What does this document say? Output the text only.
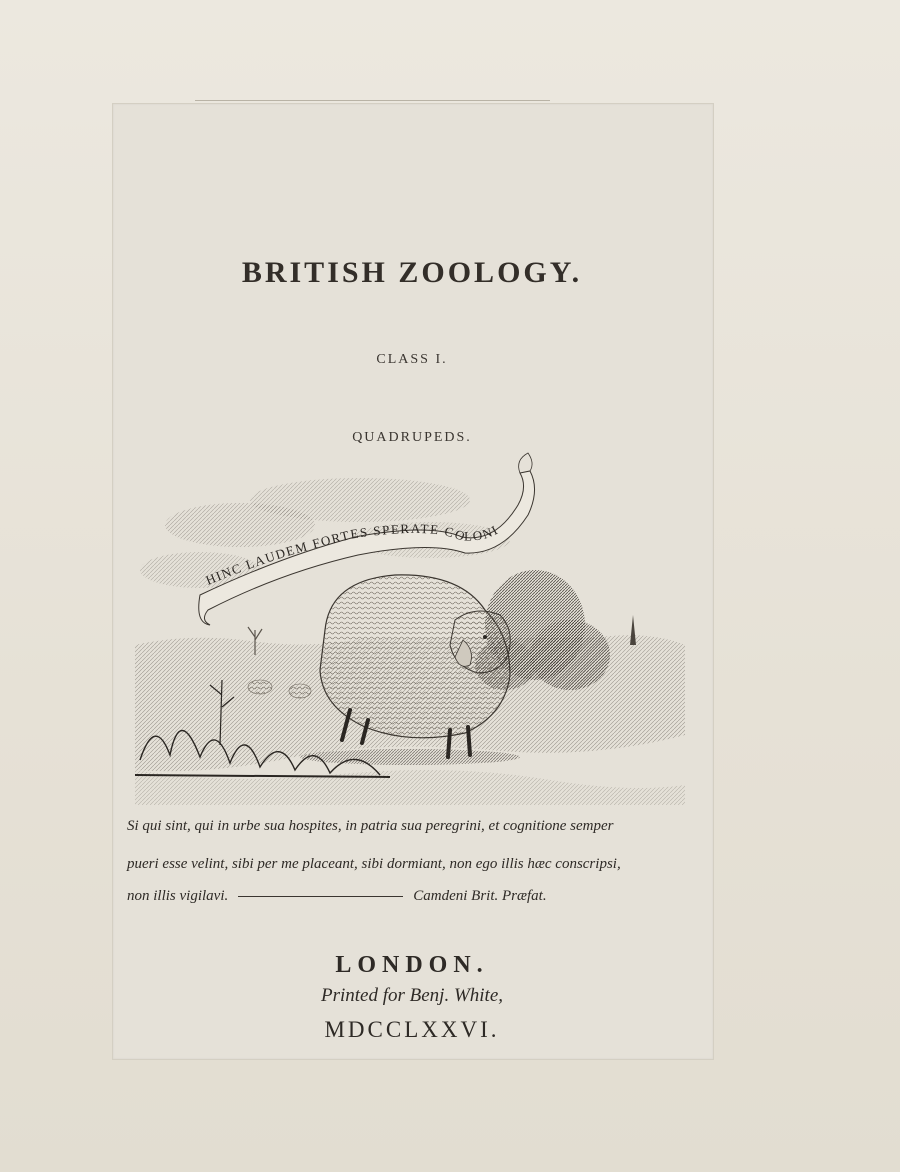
BRITISH ZOOLOGY.
CLASS I.
QUADRUPEDS.
HINC LAUDEM FORTES SPERATE COLONI
Si qui sint, qui in urbe sua hospites, in patria sua peregrini, et cognitione semper
pueri esse velint, sibi per me placeant, sibi dormiant, non ego illis hæc conscripsi,
non illis vigilavi.	Camdeni Brit. Præfat.
LONDON.
Printed for Benj. White,
MDCCLXXVI.
